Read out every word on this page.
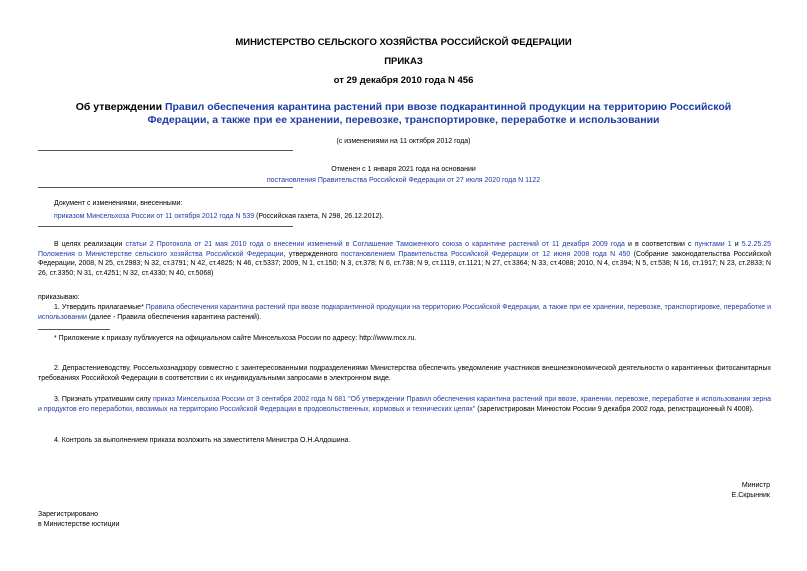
МИНИСТЕРСТВО СЕЛЬСКОГО ХОЗЯЙСТВА РОССИЙСКОЙ ФЕДЕРАЦИИ
ПРИКАЗ
от 29 декабря 2010 года N 456
Об утверждении Правил обеспечения карантина растений при ввозе подкарантинной продукции на территорию Российской Федерации, а также при ее хранении, перевозке, транспортировке, переработке и использовании
(с изменениями на 11 октября 2012 года)
Отменен с 1 января 2021 года на основании
постановления Правительства Российской Федерации от 27 июля 2020 года N 1122
Документ с изменениями, внесенными:
приказом Минсельхоза России от 11 октября 2012 года N 539 (Российская газета, N 298, 26.12.2012).
В целях реализации статьи 2 Протокола от 21 мая 2010 года о внесении изменений в Соглашение Таможенного союза о карантине растений от 11 декабря 2009 года и в соответствии с пунктами 1 и 5.2.25.25 Положения о Министерстве сельского хозяйства Российской Федерации, утвержденного постановлением Правительства Российской Федерации от 12 июня 2008 года N 450 (Собрание законодательства Российской Федерации, 2008, N 25, ст.2983; N 32, ст.3791; N 42, ст.4825; N 46, ст.5337; 2009, N 1, ст.150; N 3, ст.378; N 6, ст.738; N 9, ст.1119, ст.1121; N 27, ст.3364; N 33, ст.4088; 2010, N 4, ст.394; N 5, ст.538; N 16, ст.1917; N 23, ст.2833; N 26, ст.3350; N 31, ст.4251; N 32, ст.4330; N 40, ст.5068)
приказываю:
1. Утвердить прилагаемые* Правила обеспечения карантина растений при ввозе подкарантинной продукции на территорию Российской Федерации, а также при ее хранении, перевозке, транспортировке, переработке и использовании (далее - Правила обеспечения карантина растений).
* Приложение к приказу публикуется на официальном сайте Минсельхоза России по адресу: http://www.mcx.ru.
2. Депрастениеводству, Россельхознадзору совместно с заинтересованными подразделениями Министерства обеспечить уведомление участников внешнеэкономической деятельности о карантинных фитосанитарных требованиях Российской Федерации в соответствии с их индивидуальными запросами в электронном виде.
3. Признать утратившим силу приказ Минсельхоза России от 3 сентября 2002 года N 681 "Об утверждении Правил обеспечения карантина растений при ввозе, хранении, перевозке, переработке и использовании зерна и продуктов его переработки, ввозимых на территорию Российской Федерации в продовольственных, кормовых и технических целях" (зарегистрирован Минюстом России 9 декабря 2002 года, регистрационный N 4008).
4. Контроль за выполнением приказа возложить на заместителя Министра О.Н.Алдошина.
Министр
Е.Скрынник
Зарегистрировано
в Министерстве юстиции
